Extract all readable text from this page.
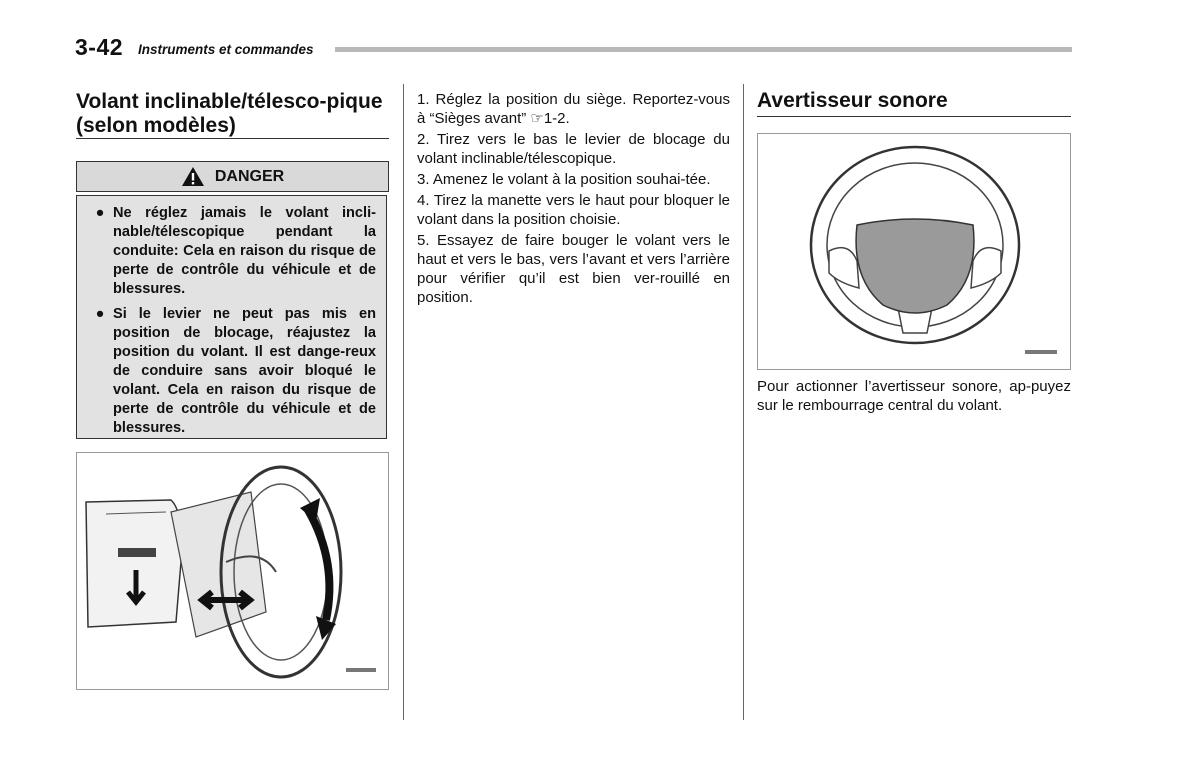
3-42 Instruments et commandes
Volant inclinable/télesco-pique (selon modèles)
DANGER
● Ne réglez jamais le volant incli-nable/télescopique pendant la conduite: Cela en raison du risque de perte de contrôle du véhicule et de blessures.
● Si le levier ne peut pas mis en position de blocage, réajustez la position du volant. Il est dange-reux de conduire sans avoir bloqué le volant. Cela en raison du risque de perte de contrôle du véhicule et de blessures.
1. Réglez la position du siège. Reportez-vous à “Sièges avant” ☞1-2.
2. Tirez vers le bas le levier de blocage du volant inclinable/télescopique.
3. Amenez le volant à la position souhai-tée.
4. Tirez la manette vers le haut pour bloquer le volant dans la position choisie.
5. Essayez de faire bouger le volant vers le haut et vers le bas, vers l’avant et vers l’arrière pour vérifier qu’il est bien ver-rouillé en position.
Avertisseur sonore
Pour actionner l’avertisseur sonore, ap-puyez sur le rembourrage central du volant.
